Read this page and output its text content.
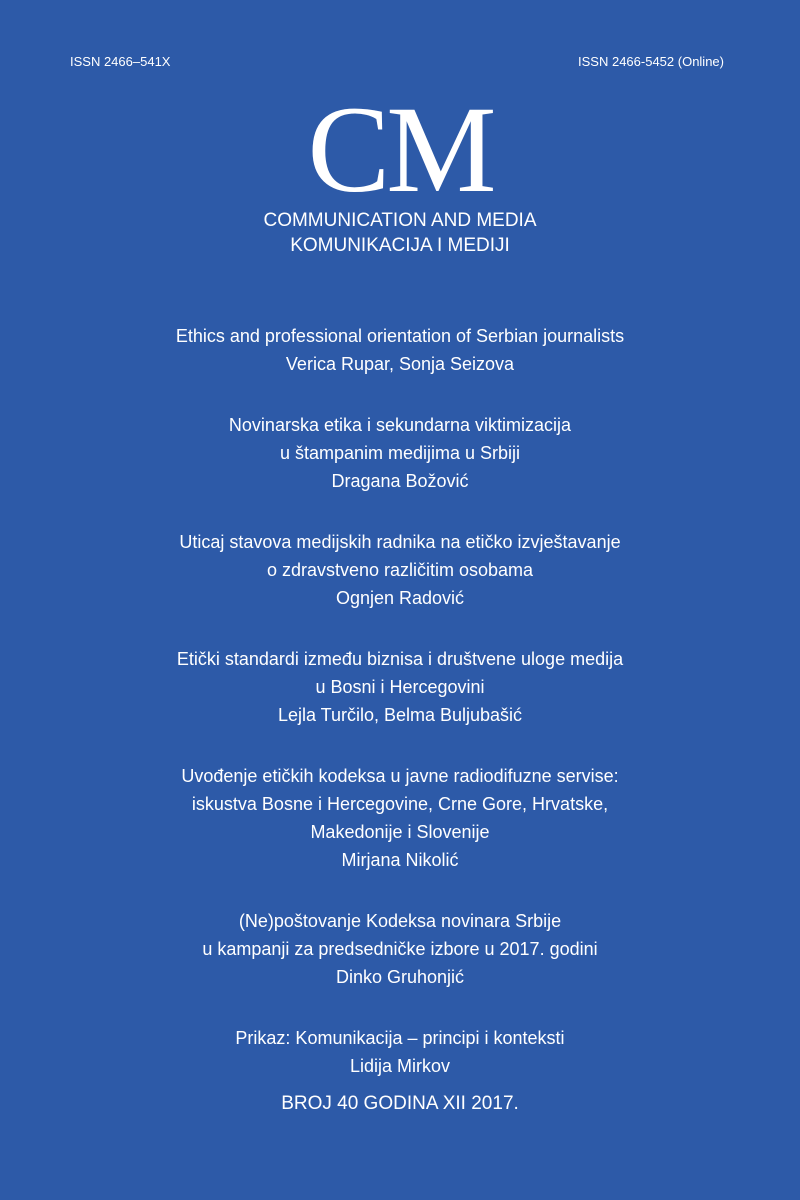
ISSN 2466–541X	ISSN 2466-5452 (Online)
CM
COMMUNICATION AND MEDIA
KOMUNIKACIJA I MEDIJI
Ethics and professional orientation of Serbian journalists
Verica Rupar, Sonja Seizova
Novinarska etika i sekundarna viktimizacija
u štampanim medijima u Srbiji
Dragana Božović
Uticaj stavova medijskih radnika na etičko izvještavanje
o zdravstveno različitim osobama
Ognjen Radović
Etički standardi između biznisa i društvene uloge medija
u Bosni i Hercegovini
Lejla Turčilo, Belma Buljubašić
Uvođenje etičkih kodeksa u javne radiodifuzne servise:
iskustva Bosne i Hercegovine, Crne Gore, Hrvatske,
Makedonije i Slovenije
Mirjana Nikolić
(Ne)poštovanje Kodeksa novinara Srbije
u kampanji za predsedničke izbore u 2017. godini
Dinko Gruhonjić
Prikaz: Komunikacija – principi i konteksti
Lidija Mirkov
BROJ 40 GODINA XII 2017.
